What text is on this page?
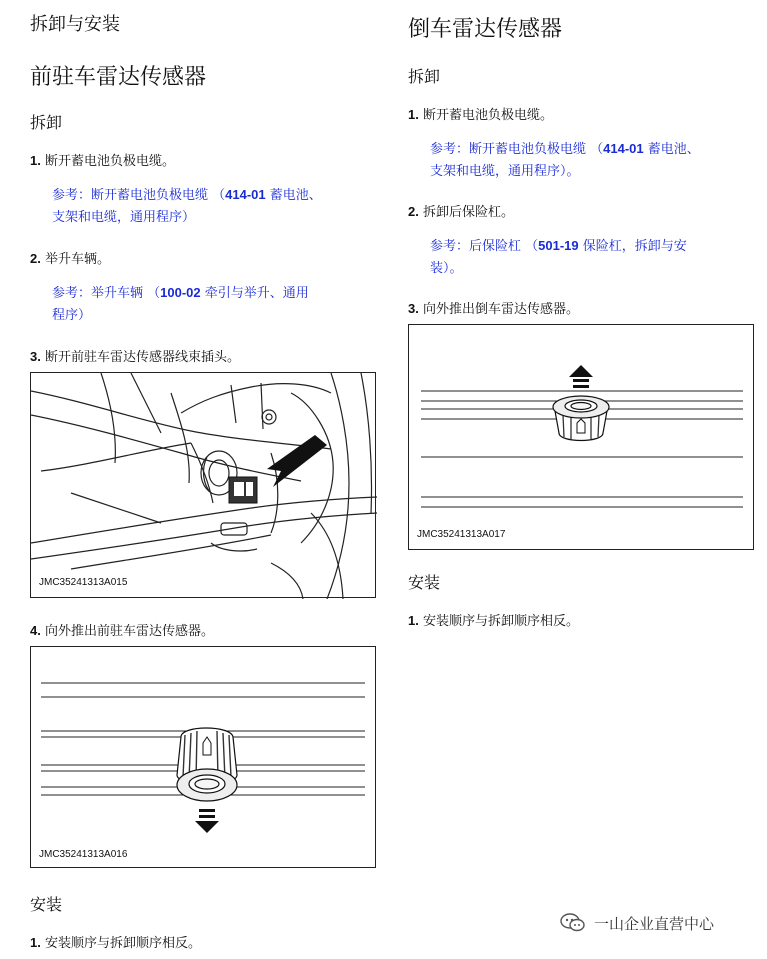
拆卸与安装
前驻车雷达传感器
拆卸
1. 断开蓄电池负极电缆。
参考：断开蓄电池负极电缆 （414-01 蓄电池、
支架和电缆，通用程序）
2. 举升车辆。
参考：举升车辆 （100-02 牵引与举升、通用
程序）
3. 断开前驻车雷达传感器线束插头。
JMC35241313A015
4. 向外推出前驻车雷达传感器。
JMC35241313A016
安装
1. 安装顺序与拆卸顺序相反。
倒车雷达传感器
拆卸
1. 断开蓄电池负极电缆。
参考：断开蓄电池负极电缆 （414-01 蓄电池、
支架和电缆，通用程序）。
2. 拆卸后保险杠。
参考：后保险杠 （501-19 保险杠，拆卸与安
装）。
3. 向外推出倒车雷达传感器。
JMC35241313A017
安装
1. 安装顺序与拆卸顺序相反。
一山企业直营中心
